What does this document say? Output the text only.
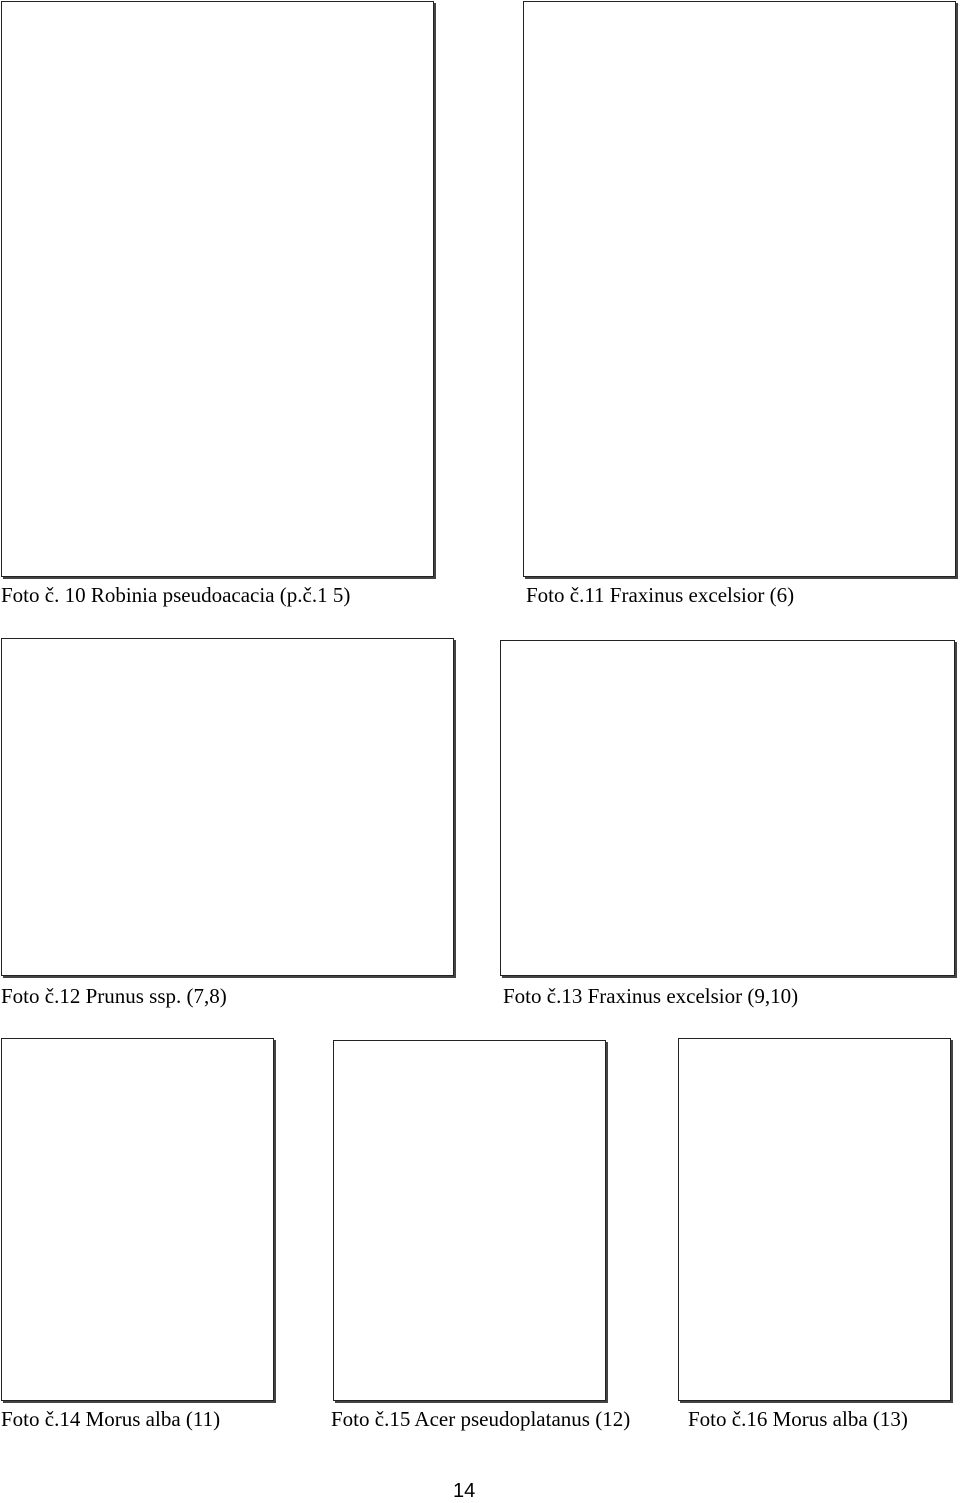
Foto č. 10 Robinia pseudoacacia (p.č.1 5)	Foto č.11 Fraxinus excelsior (6)
Foto č.12 Prunus ssp. (7,8)	Foto č.13 Fraxinus excelsior (9,10)
Foto č.14 Morus alba (11)	Foto č.15 Acer pseudoplatanus (12)	Foto č.16 Morus alba (13)
14
